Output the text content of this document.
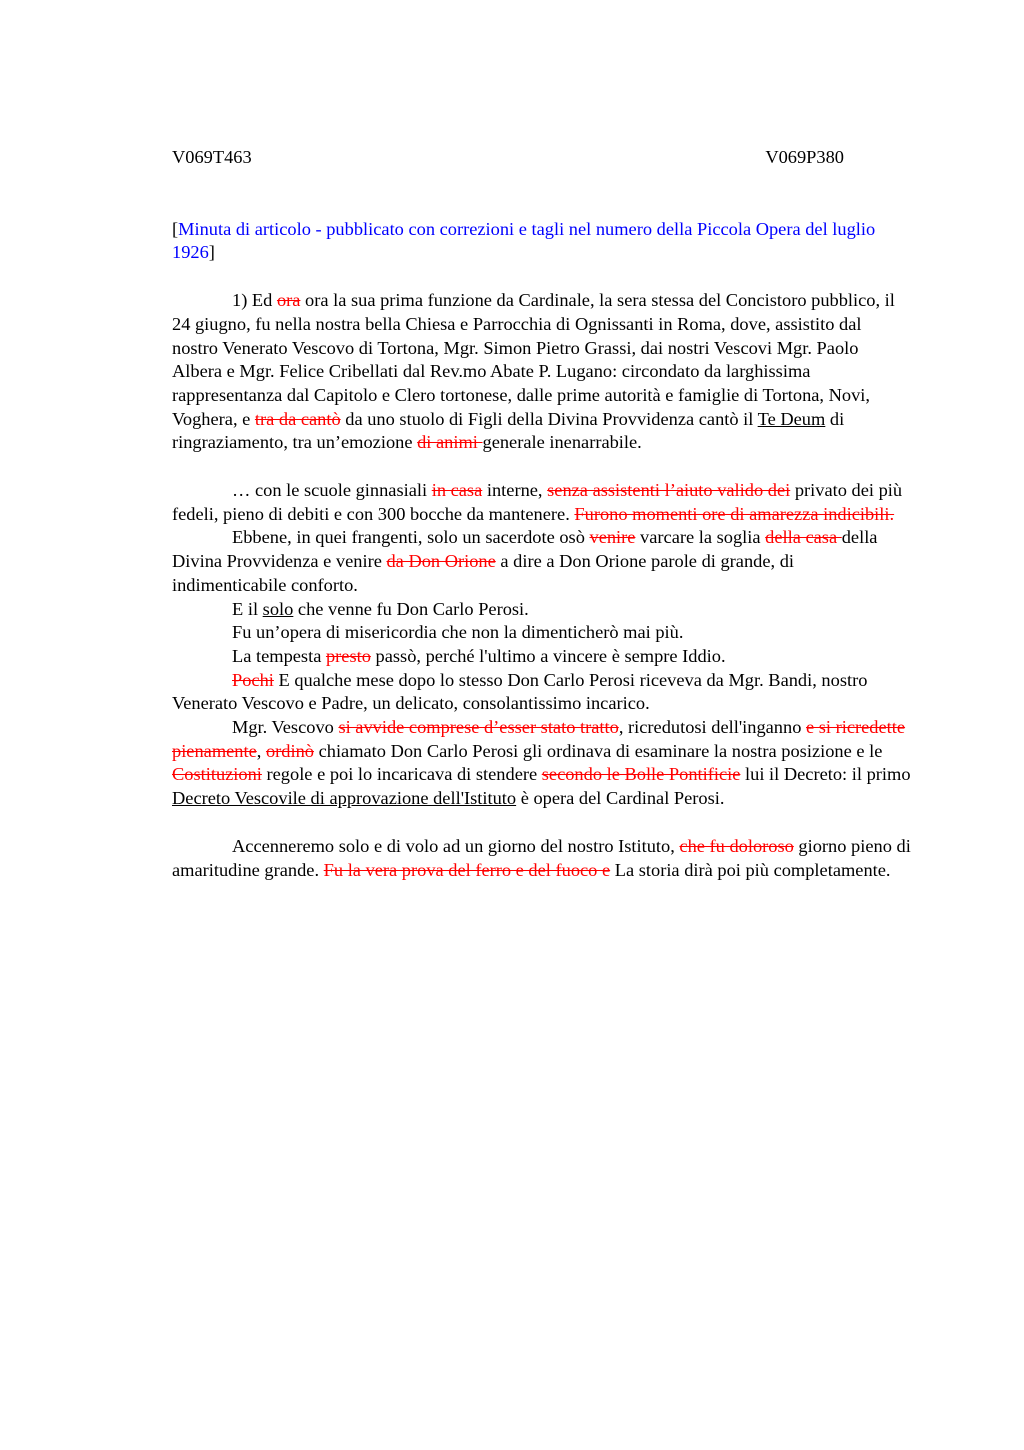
V069T463	V069P380

[Minuta di articolo - pubblicato con correzioni e tagli nel numero della Piccola Opera del luglio 1926]

1) Ed ora ora la sua prima funzione da Cardinale, la sera stessa del Concistoro pubblico, il 24 giugno, fu nella nostra bella Chiesa e Parrocchia di Ognissanti in Roma, dove, assistito dal nostro Venerato Vescovo di Tortona, Mgr. Simon Pietro Grassi, dai nostri Vescovi Mgr. Paolo Albera e Mgr. Felice Cribellati dal Rev.mo Abate P. Lugano: circondato da larghissima rappresentanza dal Capitolo e Clero tortonese, dalle prime autorità e famiglie di Tortona, Novi, Voghera, e tra da cantò da uno stuolo di Figli della Divina Provvidenza cantò il Te Deum di ringraziamento, tra un’emozione di animi generale inenarrabile.

… con le scuole ginnasiali in casa interne, senza assistenti l’aiuto valido dei privato dei più fedeli, pieno di debiti e con 300 bocche da mantenere. Furono momenti ore di amarezza indicibili.

Ebbene, in quei frangenti, solo un sacerdote osò venire varcare la soglia della casa della Divina Provvidenza e venire da Don Orione a dire a Don Orione parole di grande, di indimenticabile conforto.

E il solo che venne fu Don Carlo Perosi.

Fu un’opera di misericordia che non la dimenticherò mai più.

La tempesta presto passò, perché l'ultimo a vincere è sempre Iddio.

Pochi E qualche mese dopo lo stesso Don Carlo Perosi riceveva da Mgr. Bandi, nostro Venerato Vescovo e Padre, un delicato, consolantissimo incarico.

Mgr. Vescovo si avvide comprese d’esser stato tratto, ricredutosi dell'inganno e si ricredette pienamente, ordinò chiamato Don Carlo Perosi gli ordinava di esaminare la nostra posizione e le Costituzioni regole e poi lo incaricava di stendere secondo le Bolle Pontificie lui il Decreto: il primo Decreto Vescovile di approvazione dell'Istituto è opera del Cardinal Perosi.

Accenneremo solo e di volo ad un giorno del nostro Istituto, che fu doloroso giorno pieno di amaritudine grande. Fu la vera prova del ferro e del fuoco e La storia dirà poi più completamente.
